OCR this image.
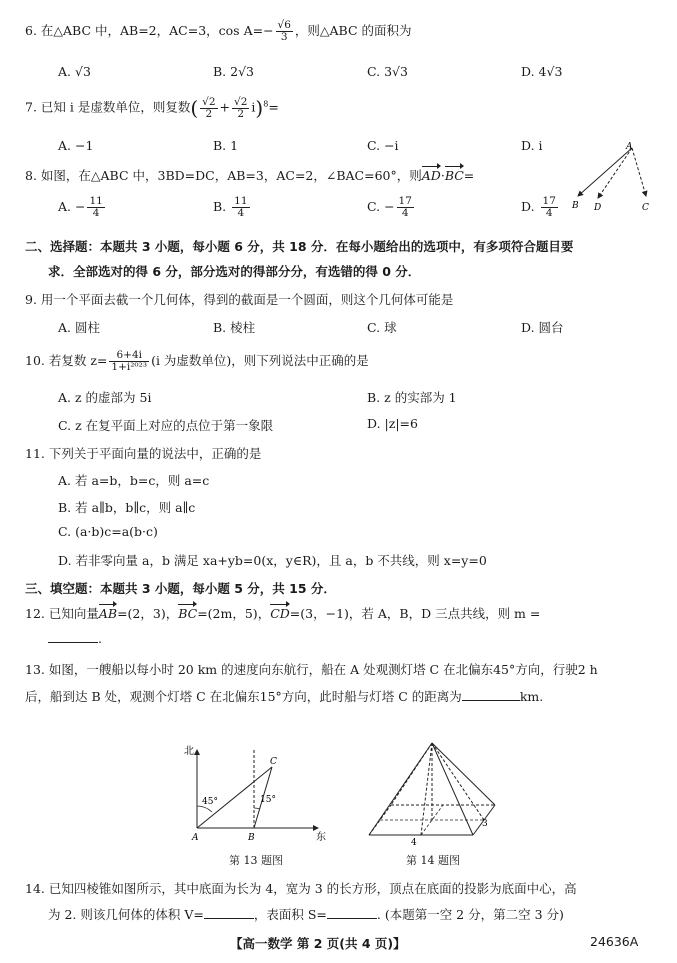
6. 在△ABC 中，AB=2，AC=3，$\cos A=- \frac{√6}{3}$ ，则△ABC 的面积为
A. √3	B. 2√3	C. 3√3	D. 4√3
7. 已知 i 是虚数单位，则复数( $\frac{√2}{2} + \frac{√2}{2} i)^8=$
A. −1	B. 1	C. −i	D. i
8. 如图，在△ABC 中，3BD=DC，AB=3，AC=2，∠BAC=60°，则AD·BC=
A. − $\frac{11}{4}$	B. $\frac{11}{4}$	C. − $\frac{17}{4}$	D. $\frac{17}{4}$
A
B D	C
二、选择题：本题共 3 小题，每小题 6 分，共 18 分．在每小题给出的选项中，有多项符合题目要
求．全部选对的得 6 分，部分选对的得部分分，有选错的得 0 分．
9. 用一个平面去截一个几何体，得到的截面是一个圆面，则这个几何体可能是
A. 圆柱	B. 棱柱	C. 球	D. 圆台
10. 若复数 $z= \frac{6+4i}{\text{1+i²⁰²³}} (i$ 为虚数单位)，则下列说法中正确的是
A. z 的虚部为 5i	B. z 的实部为 1
C. z 在复平面上对应的点位于第一象限	D. |z|=6
11. 下列关于平面向量的说法中，正确的是
A. 若 a=b，b=c，则 a=c
B. 若 a∥b，b∥c，则 a∥c
C. (a·b)c=a(b·c)
D. 若非零向量 a，b 满足 xa+yb=0(x，y∈R)，且 a，b 不共线，则 x=y=0
三、填空题：本题共 3 小题，每小题 5 分，共 15 分．
12. 已知向量AB=(2，3)，BC=(2m，5)，CD=(3，−1)，若 A，B，D 三点共线，则 m =
.
13. 如图，一艘船以每小时 20 km 的速度向东航行，船在 A 处观测灯塔 C 在北偏东45°方向，行驶2 h
后，船到达 B 处，观测个灯塔 C 在北偏东15°方向，此时船与灯塔 C 的距离为	km.
北
东
A	B
C
45°	15°
第 13 题图
3
4
第 14 题图
14. 已知四棱锥如图所示，其中底面为长为 4，宽为 3 的长方形，顶点在底面的投影为底面中心，高
为 2. 则该几何体的体积 V=	，表面积 S=	. (本题第一空 2 分，第二空 3 分)
【高一数学 第 2 页(共 4 页)】	24636A
